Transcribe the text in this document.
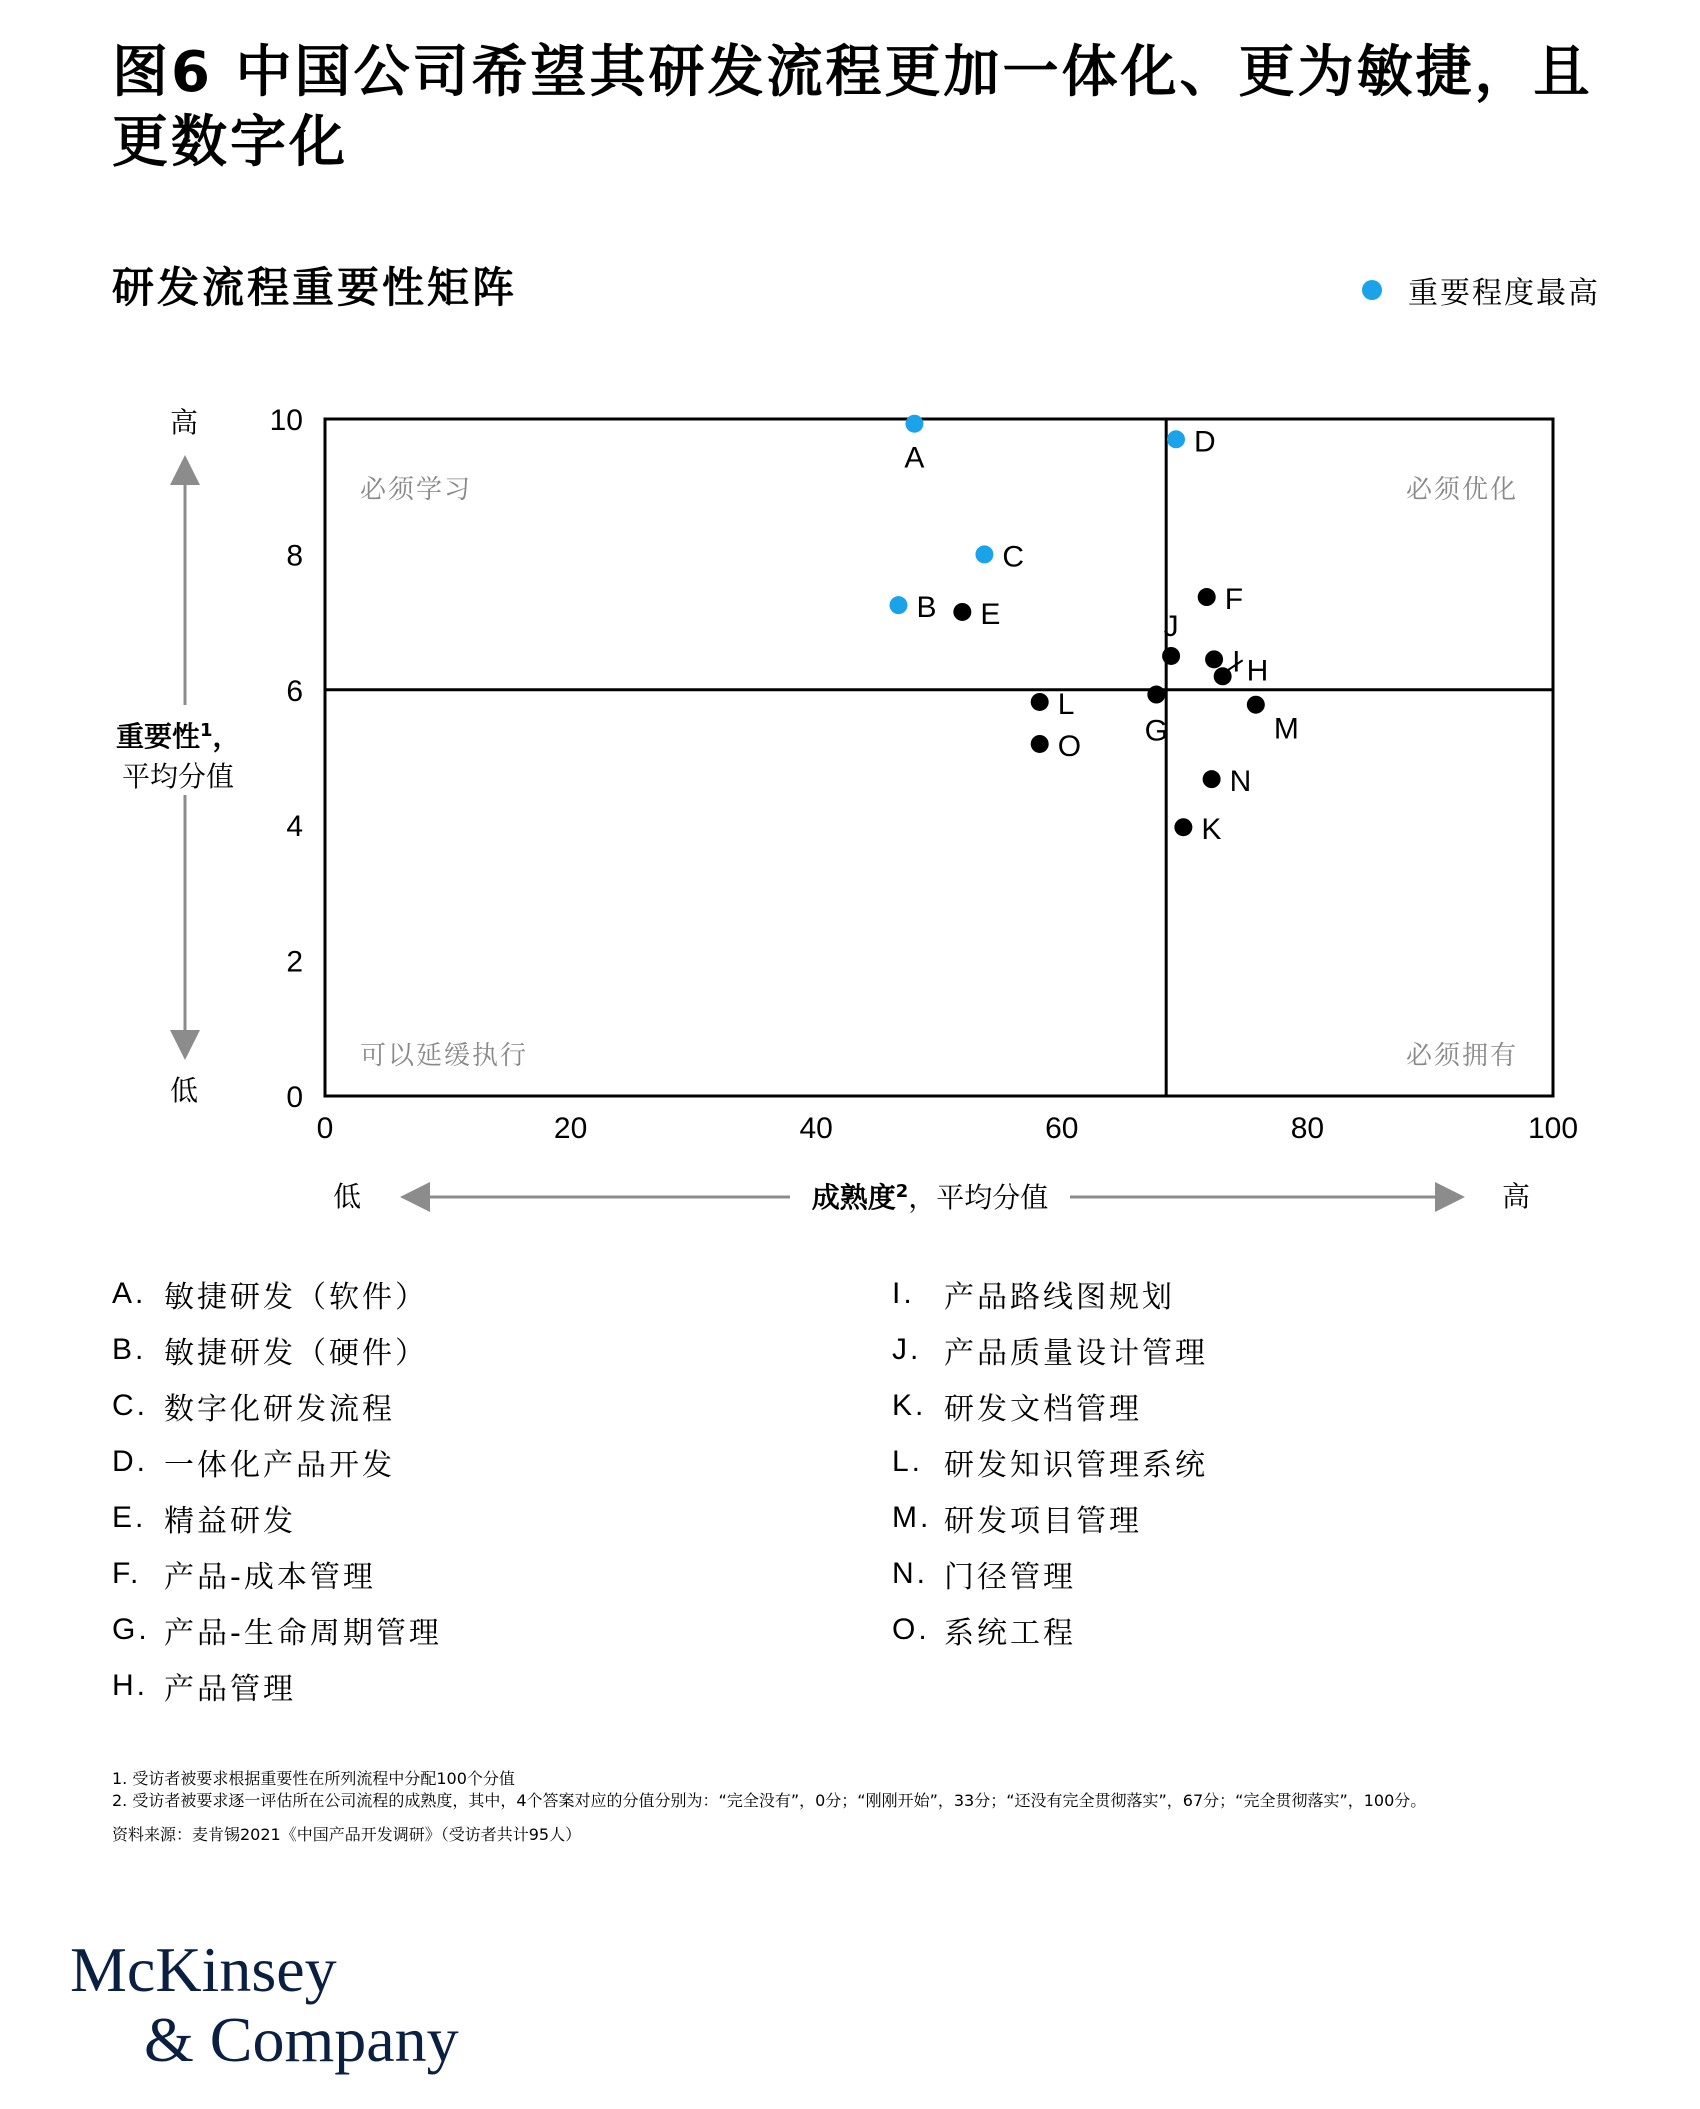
图6 中国公司希望其研发流程更加一体化、更为敏捷，且更数字化
研发流程重要性矩阵	重要程度最高
高
低
重要性$^1$，
平均分值
低	高
成熟度$^2$，平均分值
0	20	40	60	80	100
0
2
4
6
8
10
必须学习	必须优化
可以延缓执行	必须拥有
A
B
C
D
E	F
G
H
I
J
K
L
M
N
O
A. 敏捷研发（软件）
B. 敏捷研发（硬件）
C. 数字化研发流程
D. 一体化产品开发
E. 精益研发
F. 产品-成本管理
G. 产品-生命周期管理
H. 产品管理
I. 产品路线图规划
J. 产品质量设计管理
K. 研发文档管理
L. 研发知识管理系统
M. 研发项目管理
N. 门径管理
O. 系统工程
1. 受访者被要求根据重要性在所列流程中分配100个分值
2. 受访者被要求逐一评估所在公司流程的成熟度，其中，4个答案对应的分值分别为：“完全没有”，0分；“刚刚开始”，33分；“还没有完全贯彻落实”，67分；“完全贯彻落实”，100分。
资料来源：麦肯锡2021《中国产品开发调研》（受访者共计95人）
McKinsey
& Company
